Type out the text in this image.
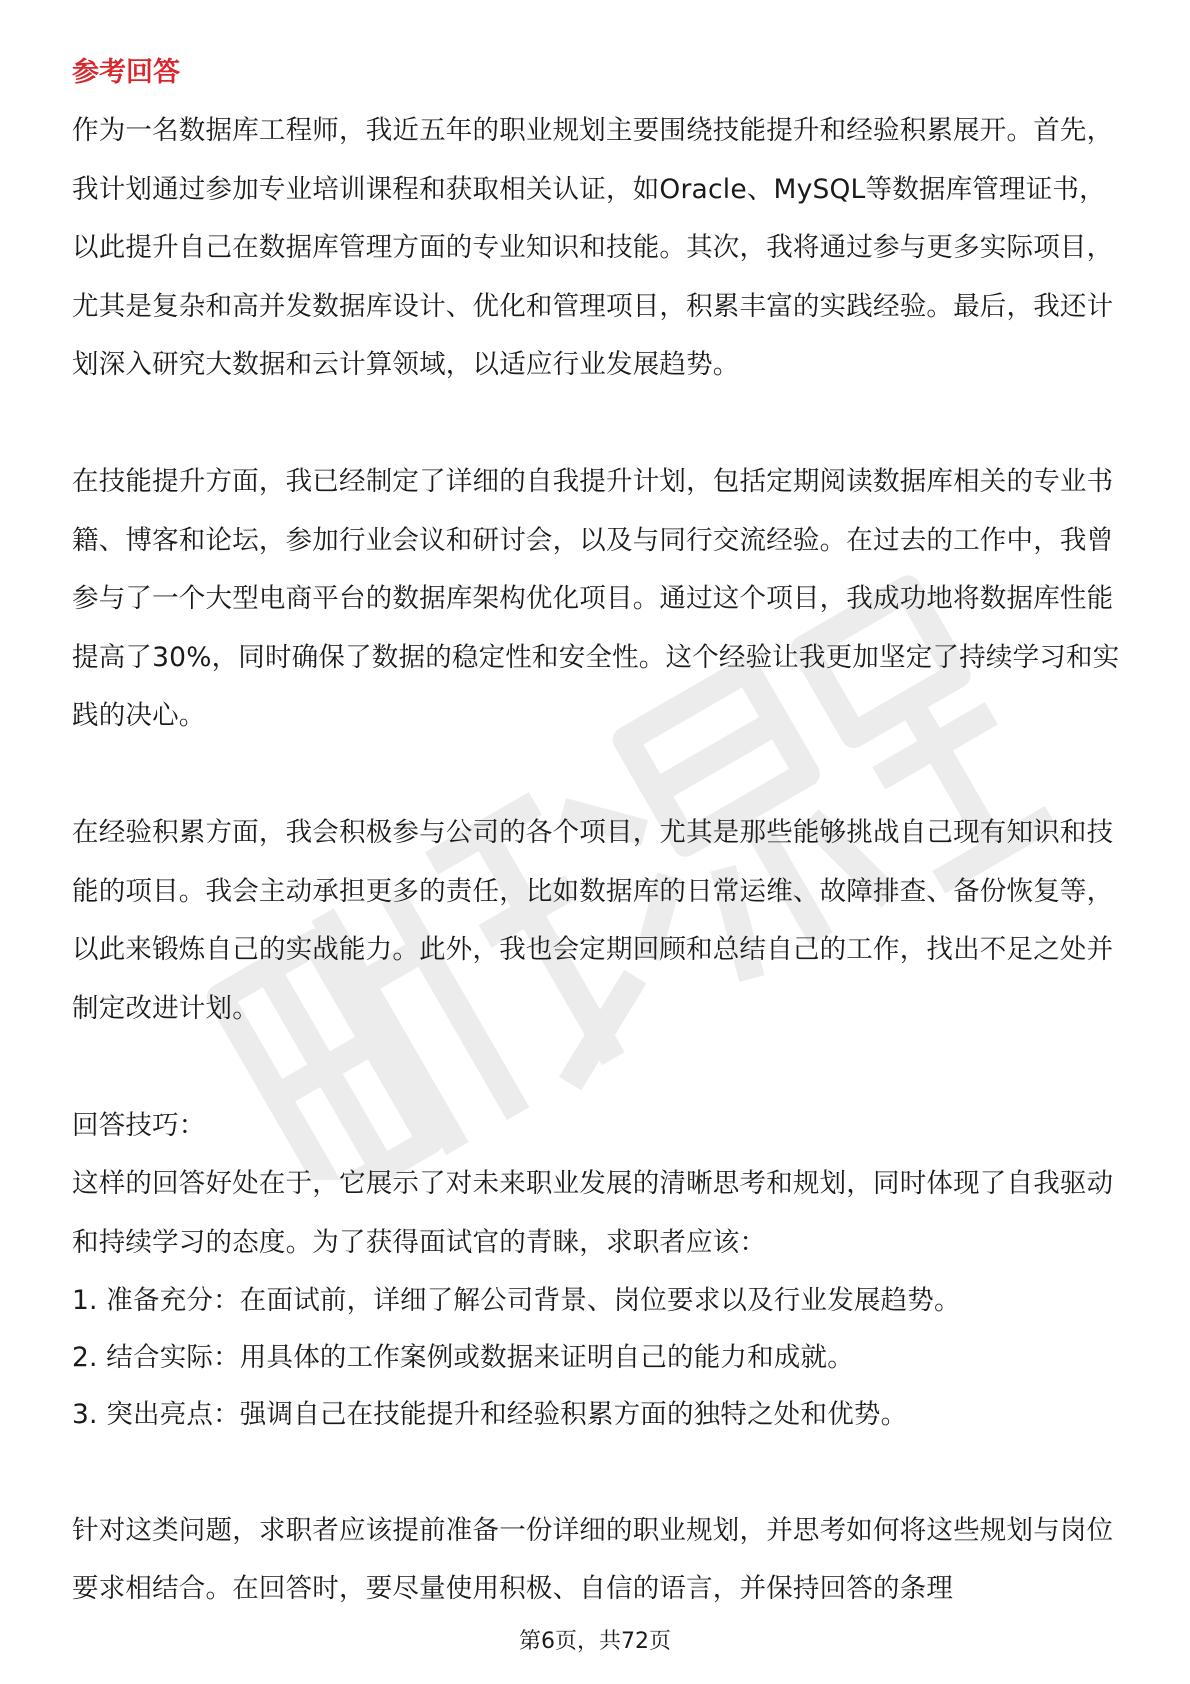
参考回答

作为一名数据库工程师，我近五年的职业规划主要围绕技能提升和经验积累展开。首先，我计划通过参加专业培训课程和获取相关认证，如Oracle、MySQL等数据库管理证书，以此提升自己在数据库管理方面的专业知识和技能。其次，我将通过参与更多实际项目，尤其是复杂和高并发数据库设计、优化和管理项目，积累丰富的实践经验。最后，我还计划深入研究大数据和云计算领域，以适应行业发展趋势。

在技能提升方面，我已经制定了详细的自我提升计划，包括定期阅读数据库相关的专业书籍、博客和论坛，参加行业会议和研讨会，以及与同行交流经验。在过去的工作中，我曾参与了一个大型电商平台的数据库架构优化项目。通过这个项目，我成功地将数据库性能提高了30%，同时确保了数据的稳定性和安全性。这个经验让我更加坚定了持续学习和实践的决心。

在经验积累方面，我会积极参与公司的各个项目，尤其是那些能够挑战自己现有知识和技能的项目。我会主动承担更多的责任，比如数据库的日常运维、故障排查、备份恢复等，以此来锻炼自己的实战能力。此外，我也会定期回顾和总结自己的工作，找出不足之处并制定改进计划。

回答技巧：

这样的回答好处在于，它展示了对未来职业发展的清晰思考和规划，同时体现了自我驱动和持续学习的态度。为了获得面试官的青睐，求职者应该：

1. 准备充分：在面试前，详细了解公司背景、岗位要求以及行业发展趋势。

2. 结合实际：用具体的工作案例或数据来证明自己的能力和成就。

3. 突出亮点：强调自己在技能提升和经验积累方面的独特之处和优势。

针对这类问题，求职者应该提前准备一份详细的职业规划，并思考如何将这些规划与岗位要求相结合。在回答时，要尽量使用积极、自信的语言，并保持回答的条理

第6页，共72页
